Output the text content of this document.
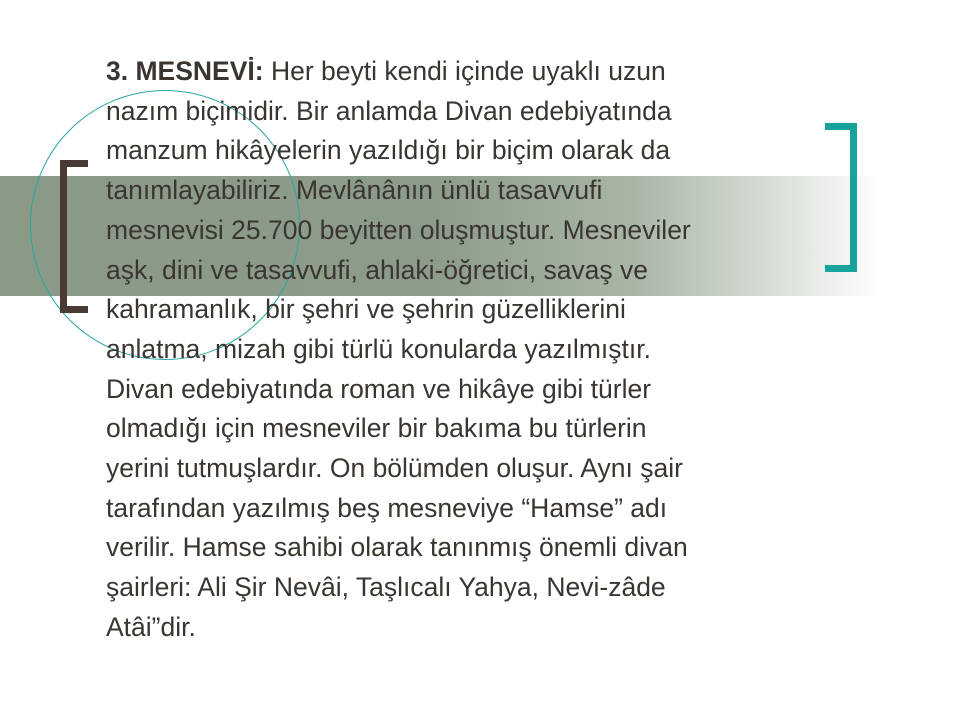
3. MESNEVİ: Her beyti kendi içinde uyaklı uzun
nazım biçimidir. Bir anlamda Divan edebiyatında
manzum hikâyelerin yazıldığı bir biçim olarak da
tanımlayabiliriz. Mevlânânın ünlü tasavvufi
mesnevisi 25.700 beyitten oluşmuştur. Mesneviler
aşk, dini ve tasavvufi, ahlaki-öğretici, savaş ve
kahramanlık, bir şehri ve şehrin güzelliklerini
anlatma, mizah gibi türlü konularda yazılmıştır.
Divan edebiyatında roman ve hikâye gibi türler
olmadığı için mesneviler bir bakıma bu türlerin
yerini tutmuşlardır. On bölümden oluşur. Aynı şair
tarafından yazılmış beş mesneviye “Hamse” adı
verilir. Hamse sahibi olarak tanınmış önemli divan
şairleri: Ali Şir Nevâi, Taşlıcalı Yahya, Nevi-zâde
Atâi”dir.
